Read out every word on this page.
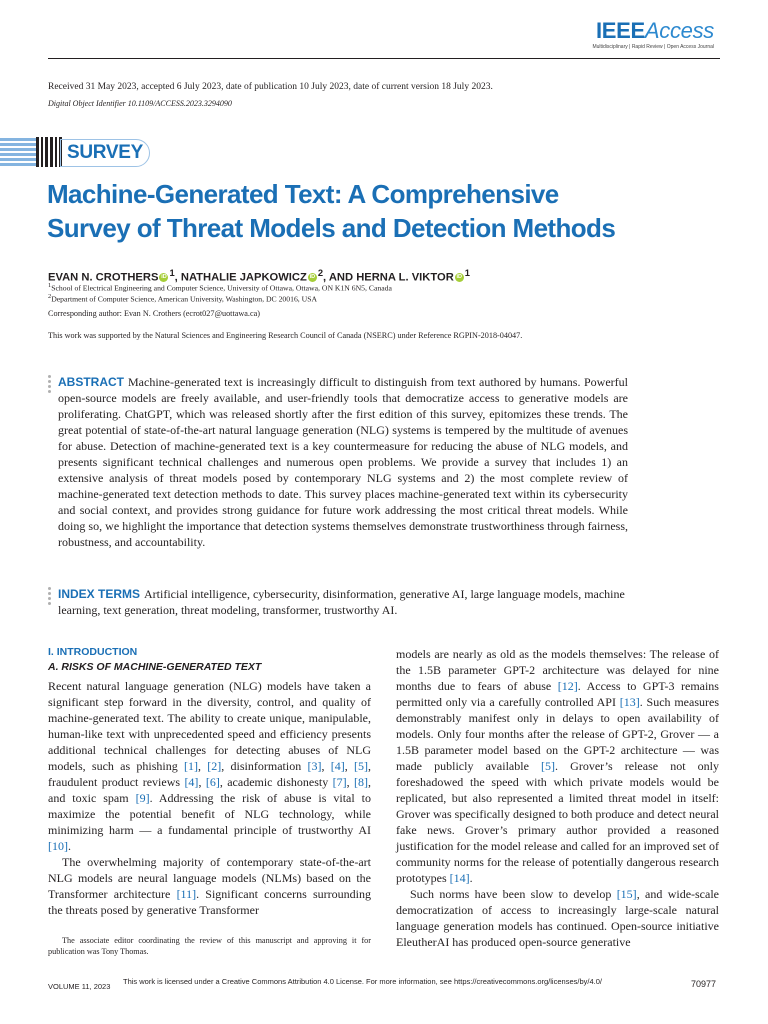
IEEEAccess
Multidisciplinary | Rapid Review | Open Access Journal
Received 31 May 2023, accepted 6 July 2023, date of publication 10 July 2023, date of current version 18 July 2023.
Digital Object Identifier 10.1109/ACCESS.2023.3294090
SURVEY
Machine-Generated Text: A Comprehensive Survey of Threat Models and Detection Methods
EVAN N. CROTHERS iD $^1$, NATHALIE JAPKOWICZ iD $^2$, AND HERNA L. VIKTOR iD $^1$
$^1$School of Electrical Engineering and Computer Science, University of Ottawa, Ottawa, ON K1N 6N5, Canada
$^2$Department of Computer Science, American University, Washington, DC 20016, USA
Corresponding author: Evan N. Crothers (ecrot027@uottawa.ca)
This work was supported by the Natural Sciences and Engineering Research Council of Canada (NSERC) under Reference RGPIN-2018-04047.
ABSTRACT Machine-generated text is increasingly difficult to distinguish from text authored by humans. Powerful open-source models are freely available, and user-friendly tools that democratize access to generative models are proliferating. ChatGPT, which was released shortly after the first edition of this survey, epitomizes these trends. The great potential of state-of-the-art natural language generation (NLG) systems is tempered by the multitude of avenues for abuse. Detection of machine-generated text is a key countermeasure for reducing the abuse of NLG models, and presents significant technical challenges and numerous open problems. We provide a survey that includes 1) an extensive analysis of threat models posed by contemporary NLG systems and 2) the most complete review of machine-generated text detection methods to date. This survey places machine-generated text within its cybersecurity and social context, and provides strong guidance for future work addressing the most critical threat models. While doing so, we highlight the importance that detection systems themselves demonstrate trustworthiness through fairness, robustness, and accountability.
INDEX TERMS Artificial intelligence, cybersecurity, disinformation, generative AI, large language models, machine learning, text generation, threat modeling, transformer, trustworthy AI.
I. INTRODUCTION
A. RISKS OF MACHINE-GENERATED TEXT

Recent natural language generation (NLG) models have taken a significant step forward in the diversity, control, and quality of machine-generated text. The ability to create unique, manipulable, human-like text with unprecedented speed and efficiency presents additional technical challenges for detecting abuses of NLG models, such as phishing [1], [2], disinformation [3], [4], [5], fraudulent product reviews [4], [6], academic dishonesty [7], [8], and toxic spam [9]. Addressing the risk of abuse is vital to maximize the potential benefit of NLG technology, while minimizing harm — a fundamental principle of trustworthy AI [10].

The overwhelming majority of contemporary state-of-the-art NLG models are neural language models (NLMs) based on the Transformer architecture [11]. Significant concerns surrounding the threats posed by generative Transformer

The associate editor coordinating the review of this manuscript and approving it for publication was Tony Thomas.

models are nearly as old as the models themselves: The release of the 1.5B parameter GPT-2 architecture was delayed for nine months due to fears of abuse [12]. Access to GPT-3 remains permitted only via a carefully controlled API [13]. Such measures demonstrably manifest only in delays to open availability of models. Only four months after the release of GPT-2, Grover — a 1.5B parameter model based on the GPT-2 architecture — was made publicly available [5]. Grover’s release not only foreshadowed the speed with which private models would be replicated, but also represented a limited threat model in itself: Grover was specifically designed to both produce and detect neural fake news. Grover’s primary author provided a reasoned justification for the model release and called for an improved set of community norms for the release of potentially dangerous research prototypes [14].

Such norms have been slow to develop [15], and wide-scale democratization of access to increasingly large-scale natural language generation models has continued. Open-source initiative EleutherAI has produced open-source generative

VOLUME 11, 2023
This work is licensed under a Creative Commons Attribution 4.0 License. For more information, see https://creativecommons.org/licenses/by/4.0/	70977
